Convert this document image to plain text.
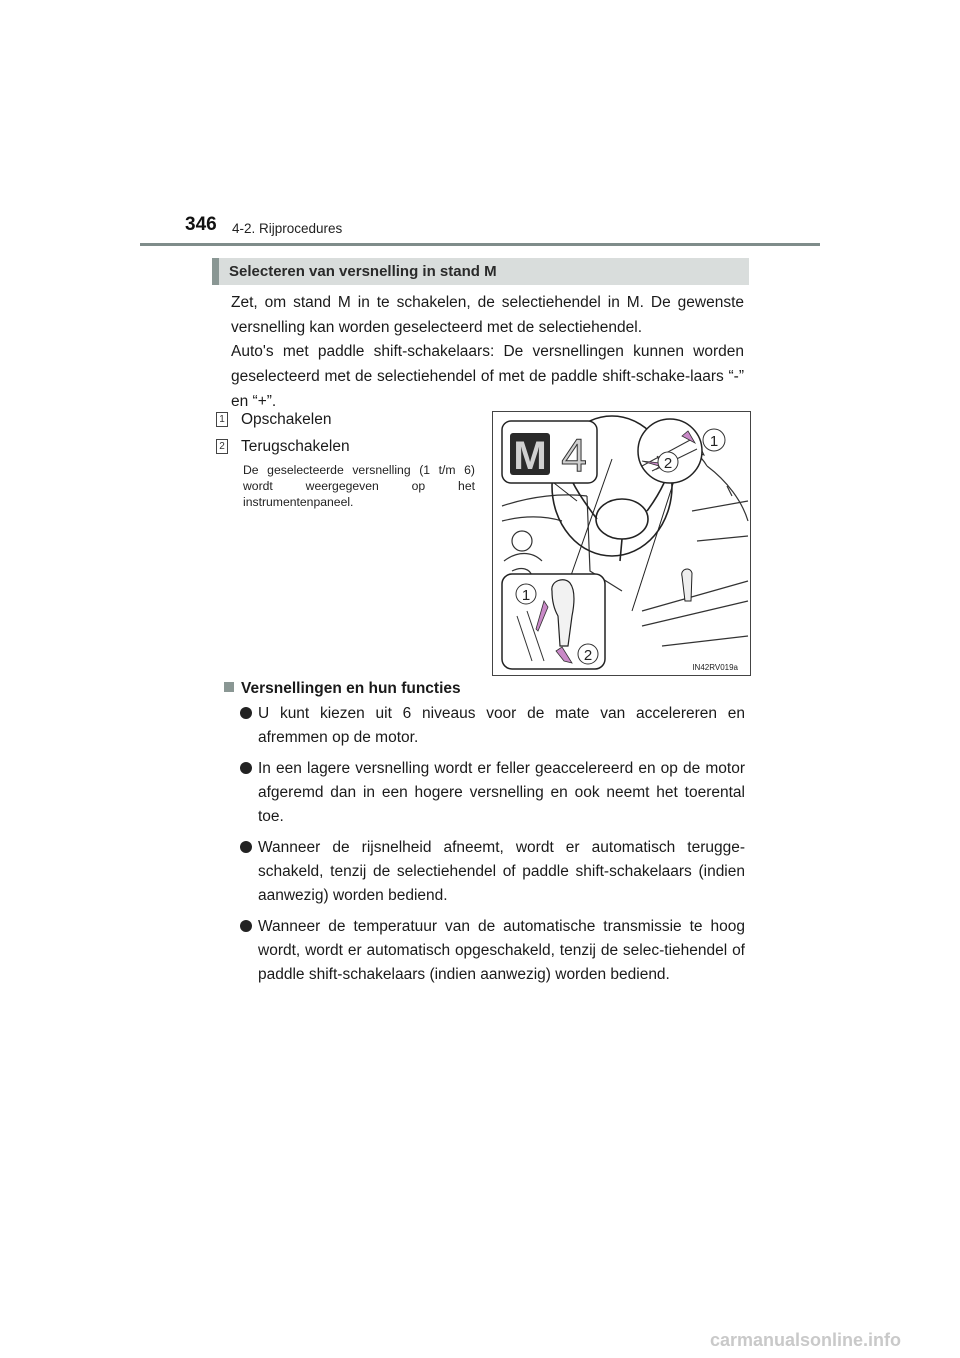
346 4-2. Rijprocedures
Selecteren van versnelling in stand M

Zet, om stand M in te schakelen, de selectiehendel in M. De gewenste versnelling kan worden geselecteerd met de selectiehendel.

Auto's met paddle shift-schakelaars: De versnellingen kunnen worden geselecteerd met de selectiehendel of met de paddle shift-schake-laars “-” en “+”.

1 Opschakelen
2 Terugschakelen
De geselecteerde versnelling (1 t/m 6) wordt weergegeven op het instrumentenpaneel.
M 4	1
2
1
2
IN42RV019a
Versnellingen en hun functies
U kunt kiezen uit 6 niveaus voor de mate van accelereren en afremmen op de motor.
In een lagere versnelling wordt er feller geaccelereerd en op de motor afgeremd dan in een hogere versnelling en ook neemt het toerental toe.
Wanneer de rijsnelheid afneemt, wordt er automatisch terugge-schakeld, tenzij de selectiehendel of paddle shift-schakelaars (indien aanwezig) worden bediend.
Wanneer de temperatuur van de automatische transmissie te hoog wordt, wordt er automatisch opgeschakeld, tenzij de selec-tiehendel of paddle shift-schakelaars (indien aanwezig) worden bediend.
carmanualsonline.info
